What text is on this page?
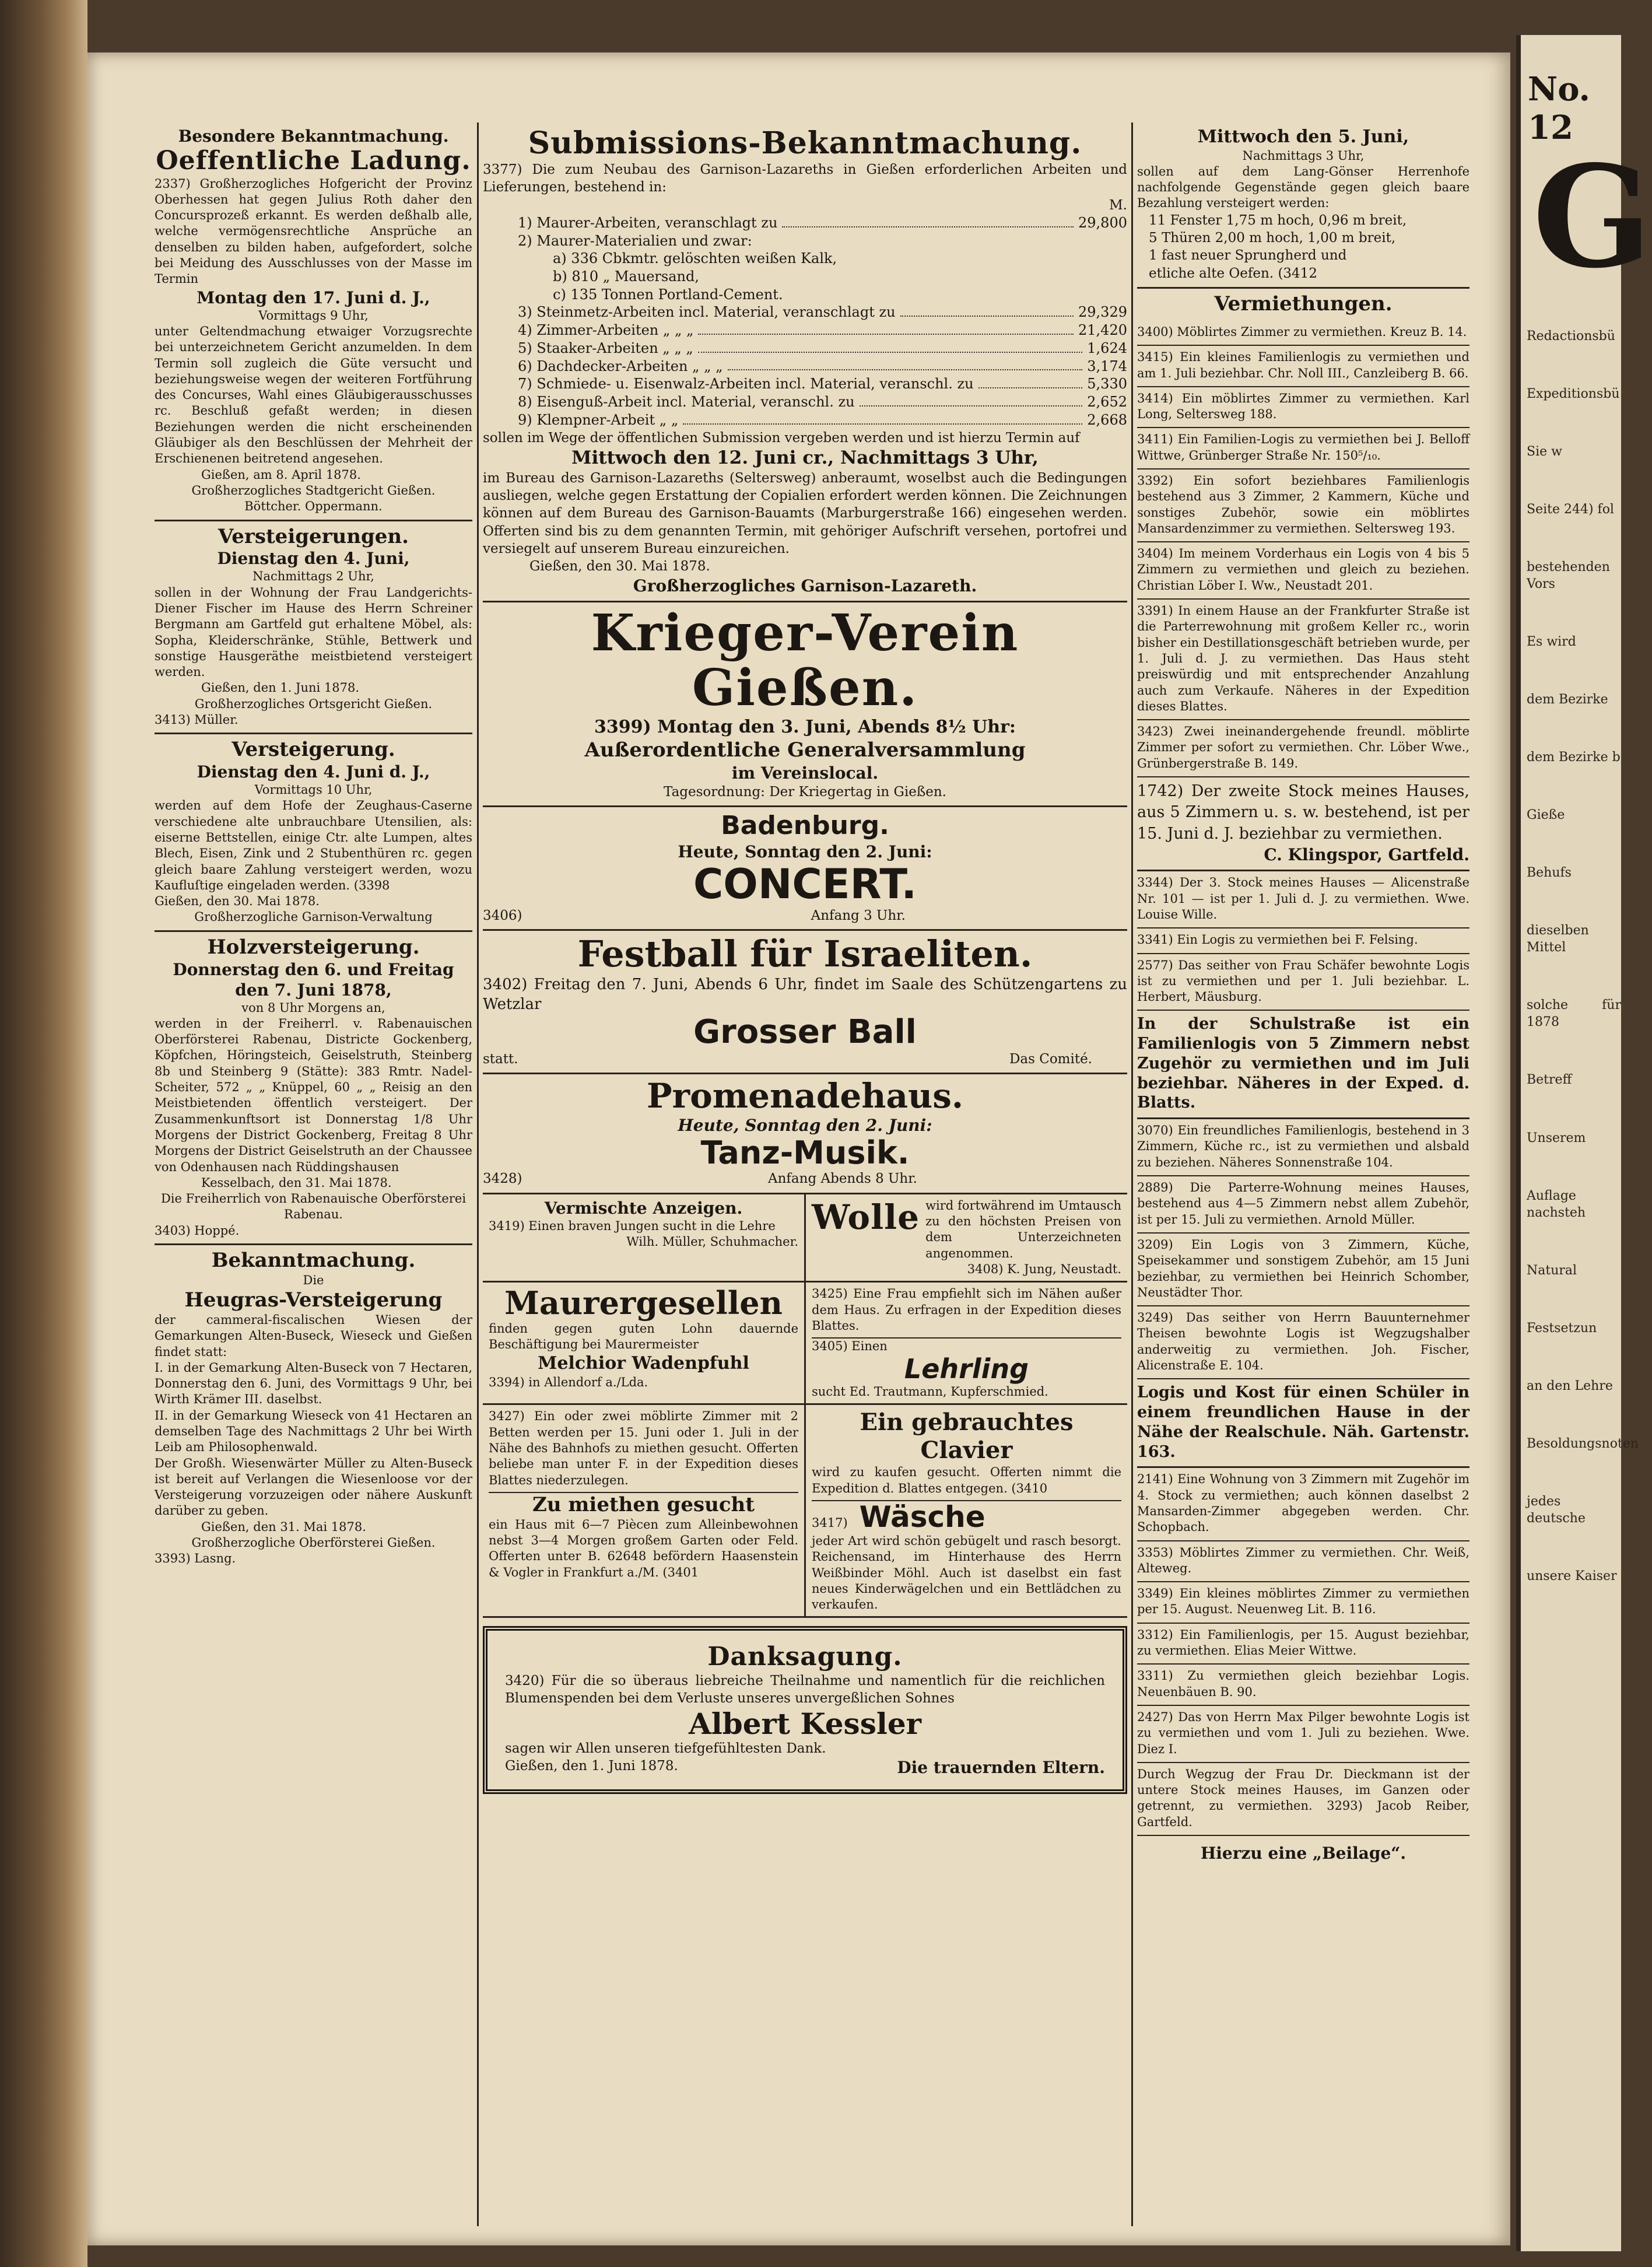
Besondere Bekanntmachung.
Oeffentliche Ladung.
2337) Großherzogliches Hofgericht der Provinz Oberhessen hat gegen Julius Roth daher den Concursprozeß erkannt. Es werden deßhalb alle, welche vermögensrechtliche Ansprüche an denselben zu bilden haben, aufgefordert, solche bei Meidung des Ausschlusses von der Masse im Termin
Montag den 17. Juni d. J.,
Vormittags 9 Uhr,
unter Geltendmachung etwaiger Vorzugsrechte bei unterzeichnetem Gericht anzumelden. In dem Termin soll zugleich die Güte versucht und beziehungsweise wegen der weiteren Fortführung des Concurses, Wahl eines Gläubigerausschusses rc. Beschluß gefaßt werden; in diesen Beziehungen werden die nicht erscheinenden Gläubiger als den Beschlüssen der Mehrheit der Erschienenen beitretend angesehen.
Gießen, am 8. April 1878.
Großherzogliches Stadtgericht Gießen.
Böttcher. Oppermann.
Versteigerungen.
Dienstag den 4. Juni,
Nachmittags 2 Uhr,
sollen in der Wohnung der Frau Landgerichts-Diener Fischer im Hause des Herrn Schreiner Bergmann am Gartfeld gut erhaltene Möbel, als: Sopha, Kleiderschränke, Stühle, Bettwerk und sonstige Hausgeräthe meistbietend versteigert werden.
Gießen, den 1. Juni 1878.
Großherzogliches Ortsgericht Gießen.
3413) Müller.
Versteigerung.
Dienstag den 4. Juni d. J.,
Vormittags 10 Uhr,
werden auf dem Hofe der Zeughaus-Caserne verschiedene alte unbrauchbare Utensilien, als: eiserne Bettstellen, einige Ctr. alte Lumpen, altes Blech, Eisen, Zink und 2 Stubenthüren rc. gegen gleich baare Zahlung versteigert werden, wozu Kaufluſtige eingeladen werden. (3398
Gießen, den 30. Mai 1878.
Großherzogliche Garnison-Verwaltung
Holzversteigerung.
Donnerstag den 6. und Freitag den 7. Juni 1878,
von 8 Uhr Morgens an,
werden in der Freiherrl. v. Rabenauischen Oberförsterei Rabenau, Districte Gockenberg, Köpfchen, Höringsteich, Geiselstruth, Steinberg 8b und Steinberg 9 (Stätte): 383 Rmtr. Nadel-Scheiter, 572 „ „ Knüppel, 60 „ „ Reisig an den Meistbietenden öffentlich versteigert. Der Zusammenkunftsort ist Donnerstag 1/8 Uhr Morgens der District Gockenberg, Freitag 8 Uhr Morgens der District Geiselstruth an der Chaussee von Odenhausen nach Rüddingshausen
Kesselbach, den 31. Mai 1878.
Die Freiherrlich von Rabenauische Oberförsterei Rabenau.
3403) Hoppé.
Bekanntmachung.
Die
Heugras-Versteigerung
der cammeral-fiscalischen Wiesen der Gemarkungen Alten-Buseck, Wieseck und Gießen findet statt:
I. in der Gemarkung Alten-Buseck von 7 Hectaren, Donnerstag den 6. Juni, des Vormittags 9 Uhr, bei Wirth Krämer III. daselbst.
II. in der Gemarkung Wieseck von 41 Hectaren an demselben Tage des Nachmittags 2 Uhr bei Wirth Leib am Philosophenwald.
Der Großh. Wiesenwärter Müller zu Alten-Buseck ist bereit auf Verlangen die Wiesenloose vor der Versteigerung vorzuzeigen oder nähere Auskunft darüber zu geben.
Gießen, den 31. Mai 1878.
Großherzogliche Oberförsterei Gießen.
3393) Lasng.
Submissions-Bekanntmachung.
3377) Die zum Neubau des Garnison-Lazareths in Gießen erforderlichen Arbeiten und Lieferungen, bestehend in:
M.
1) Maurer-Arbeiten, veranschlagt zu	29,800
2) Maurer-Materialien und zwar:
a) 336 Cbkmtr. gelöschten weißen Kalk,
b) 810 „ Mauersand,
c) 135 Tonnen Portland-Cement.
3) Steinmetz-Arbeiten incl. Material, veranschlagt zu	29,329
4) Zimmer-Arbeiten „ „ „	21,420
5) Staaker-Arbeiten „ „ „	1,624
6) Dachdecker-Arbeiten „ „ „	3,174
7) Schmiede- u. Eisenwalz-Arbeiten incl. Material, veranschl. zu	5,330
8) Eisenguß-Arbeit incl. Material, veranschl. zu	2,652
9) Klempner-Arbeit „ „	2,668
sollen im Wege der öffentlichen Submission vergeben werden und ist hierzu Termin auf
Mittwoch den 12. Juni cr., Nachmittags 3 Uhr,
im Bureau des Garnison-Lazareths (Seltersweg) anberaumt, woselbst auch die Bedingungen ausliegen, welche gegen Erstattung der Copialien erfordert werden können. Die Zeichnungen können auf dem Bureau des Garnison-Bauamts (Marburgerstraße 166) eingesehen werden. Offerten sind bis zu dem genannten Termin, mit gehöriger Aufschrift versehen, portofrei und versiegelt auf unserem Bureau einzureichen.
Gießen, den 30. Mai 1878.
Großherzogliches Garnison-Lazareth.
Krieger-Verein Gießen.
3399) Montag den 3. Juni, Abends 8½ Uhr:
Außerordentliche Generalversammlung
im Vereinslocal.
Tagesordnung: Der Kriegertag in Gießen.
Badenburg.
Heute, Sonntag den 2. Juni:
CONCERT.
3406)	Anfang 3 Uhr.
Festball für Israeliten.
3402) Freitag den 7. Juni, Abends 6 Uhr, findet im Saale des Schützengartens zu Wetzlar
Grosser Ball
statt.	Das Comité.
Promenadehaus.
Heute, Sonntag den 2. Juni:
Tanz-Musik.
3428)	Anfang Abends 8 Uhr.
Vermischte Anzeigen.
3419) Einen braven Jungen sucht in die Lehre
Wilh. Müller, Schuhmacher.
Wolle wird fortwährend im Umtausch zu den höchsten Preisen von dem Unterzeichneten angenommen.
3408) K. Jung, Neustadt.
Maurergesellen
finden gegen guten Lohn dauernde Beschäftigung bei Maurermeister
Melchior Wadenpfuhl
3394) in Allendorf a./Lda.
3425) Eine Frau empfiehlt sich im Nähen außer dem Haus. Zu erfragen in der Expedition dieses Blattes.
3405) Einen
Lehrling
sucht Ed. Trautmann, Kupferschmied.
3427) Ein oder zwei möblirte Zimmer mit 2 Betten werden per 15. Juni oder 1. Juli in der Nähe des Bahnhofs zu miethen gesucht. Offerten beliebe man unter F. in der Expedition dieses Blattes niederzulegen.
Zu miethen gesucht
ein Haus mit 6—7 Piècen zum Alleinbewohnen nebst 3—4 Morgen großem Garten oder Feld. Offerten unter B. 62648 befördern Haasenstein & Vogler in Frankfurt a./M. (3401
Ein gebrauchtes Clavier
wird zu kaufen gesucht. Offerten nimmt die Expedition d. Blattes entgegen. (3410
3417) Wäsche
jeder Art wird schön gebügelt und rasch besorgt. Reichensand, im Hinterhause des Herrn Weißbinder Möhl. Auch ist daselbst ein fast neues Kinderwägelchen und ein Bettlädchen zu verkaufen.
Danksagung.
3420) Für die so überaus liebreiche Theilnahme und namentlich für die reichlichen Blumenspenden bei dem Verluste unseres unvergeßlichen Sohnes
Albert Kessler
sagen wir Allen unseren tiefgefühltesten Dank.
Gießen, den 1. Juni 1878.	Die trauernden Eltern.
Mittwoch den 5. Juni,
Nachmittags 3 Uhr,
sollen auf dem Lang-Gönser Herrenhofe nachfolgende Gegenstände gegen gleich baare Bezahlung versteigert werden:
11 Fenster 1,75 m hoch, 0,96 m breit,
5 Thüren 2,00 m hoch, 1,00 m breit,
1 fast neuer Sprungherd und
etliche alte Oefen. (3412
Vermiethungen.
3400) Möblirtes Zimmer zu vermiethen. Kreuz B. 14.
3415) Ein kleines Familienlogis zu vermiethen und am 1. Juli beziehbar. Chr. Noll III., Canzleiberg B. 66.
3414) Ein möblirtes Zimmer zu vermiethen. Karl Long, Seltersweg 188.
3411) Ein Familien-Logis zu vermiethen bei J. Belloff Wittwe, Grünberger Straße Nr. 150⁵/₁₀.
3392) Ein sofort beziehbares Familienlogis bestehend aus 3 Zimmer, 2 Kammern, Küche und sonstiges Zubehör, sowie ein möblirtes Mansardenzimmer zu vermiethen. Seltersweg 193.
3404) Im meinem Vorderhaus ein Logis von 4 bis 5 Zimmern zu vermiethen und gleich zu beziehen. Christian Löber I. Ww., Neustadt 201.
3391) In einem Hause an der Frankfurter Straße ist die Parterrewohnung mit großem Keller rc., worin bisher ein Destillationsgeschäft betrieben wurde, per 1. Juli d. J. zu vermiethen. Das Haus steht preiswürdig und mit entsprechender Anzahlung auch zum Verkaufe. Näheres in der Expedition dieses Blattes.
3423) Zwei ineinandergehende freundl. möblirte Zimmer per sofort zu vermiethen. Chr. Löber Wwe., Grünbergerstraße B. 149.
1742) Der zweite Stock meines Hauses, aus 5 Zimmern u. s. w. bestehend, ist per 15. Juni d. J. beziehbar zu vermiethen.
C. Klingspor, Gartfeld.
3344) Der 3. Stock meines Hauses — Alicenstraße Nr. 101 — ist per 1. Juli d. J. zu vermiethen. Wwe. Louise Wille.
3341) Ein Logis zu vermiethen bei F. Felsing.
2577) Das seither von Frau Schäfer bewohnte Logis ist zu vermiethen und per 1. Juli beziehbar. L. Herbert, Mäusburg.
In der Schulstraße ist ein Familienlogis von 5 Zimmern nebst Zugehör zu vermiethen und im Juli beziehbar. Näheres in der Exped. d. Blatts.
3070) Ein freundliches Familienlogis, bestehend in 3 Zimmern, Küche rc., ist zu vermiethen und alsbald zu beziehen. Näheres Sonnenstraße 104.
2889) Die Parterre-Wohnung meines Hauses, bestehend aus 4—5 Zimmern nebst allem Zubehör, ist per 15. Juli zu vermiethen. Arnold Müller.
3209) Ein Logis von 3 Zimmern, Küche, Speisekammer und sonstigem Zubehör, am 15 Juni beziehbar, zu vermiethen bei Heinrich Schomber, Neustädter Thor.
3249) Das seither von Herrn Bauunternehmer Theisen bewohnte Logis ist Wegzugshalber anderweitig zu vermiethen. Joh. Fischer, Alicenstraße E. 104.
Logis und Kost für einen Schüler in einem freundlichen Hause in der Nähe der Realschule. Näh. Gartenstr. 163.
2141) Eine Wohnung von 3 Zimmern mit Zugehör im 4. Stock zu vermiethen; auch können daselbst 2 Mansarden-Zimmer abgegeben werden. Chr. Schopbach.
3353) Möblirtes Zimmer zu vermiethen. Chr. Weiß, Alteweg.
3349) Ein kleines möblirtes Zimmer zu vermiethen per 15. August. Neuenweg Lit. B. 116.
3312) Ein Familienlogis, per 15. August beziehbar, zu vermiethen. Elias Meier Wittwe.
3311) Zu vermiethen gleich beziehbar Logis. Neuenbäuen B. 90.
2427) Das von Herrn Max Pilger bewohnte Logis ist zu vermiethen und vom 1. Juli zu beziehen. Wwe. Diez I.
Durch Wegzug der Frau Dr. Dieckmann ist der untere Stock meines Hauses, im Ganzen oder getrennt, zu vermiethen. 3293) Jacob Reiber, Gartfeld.
Hierzu eine „Beilage“.
No. 12
G
Redactionsbü
Expeditionsbü
Sie w
Seite 244) fol
bestehenden Vors
Es wird
dem Bezirke
dem Bezirke b
Gieße
Behufs
dieselben Mittel
solche für 1878
Betreff
Unserem
Auflage nachsteh
Natural
Festsetzun
an den Lehre
Besoldungsnoten
jedes deutsche
unsere Kaiser
